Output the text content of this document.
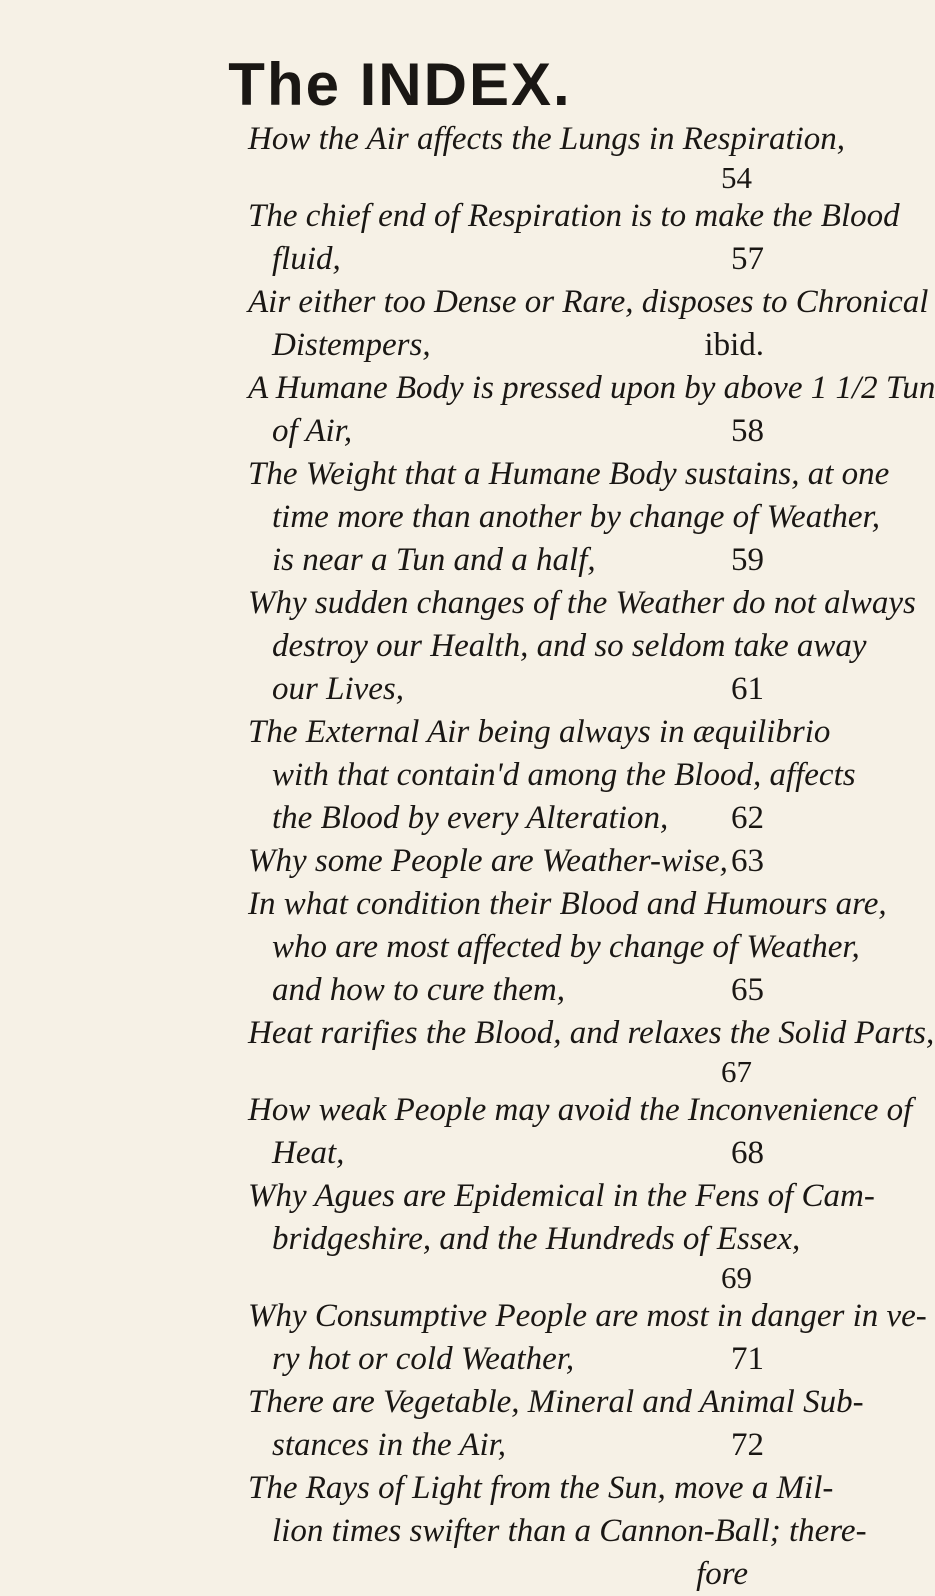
The INDEX.
How the Air affects the Lungs in Respiration,
54
The chief end of Respiration is to make the Blood
fluid,	57
Air either too Dense or Rare, disposes to Chronical
Distempers,	ibid.
A Humane Body is pressed upon by above 1 1/2 Tun
of Air,	58
The Weight that a Humane Body sustains, at one
time more than another by change of Weather,
is near a Tun and a half,	59
Why sudden changes of the Weather do not always
destroy our Health, and so seldom take away
our Lives,	61
The External Air being always in æquilibrio
with that contain'd among the Blood, affects
the Blood by every Alteration, 62
Why some People are Weather-wise, 63
In what condition their Blood and Humours are,
who are most affected by change of Weather,
and how to cure them,	65
Heat rarifies the Blood, and relaxes the Solid Parts,
67
How weak People may avoid the Inconvenience of
Heat,	68
Why Agues are Epidemical in the Fens of Cam-
bridgeshire, and the Hundreds of Essex,
69
Why Consumptive People are most in danger in ve-
ry hot or cold Weather,	71
There are Vegetable, Mineral and Animal Sub-
stances in the Air,	72
The Rays of Light from the Sun, move a Mil-
lion times swifter than a Cannon-Ball; there-
fore
